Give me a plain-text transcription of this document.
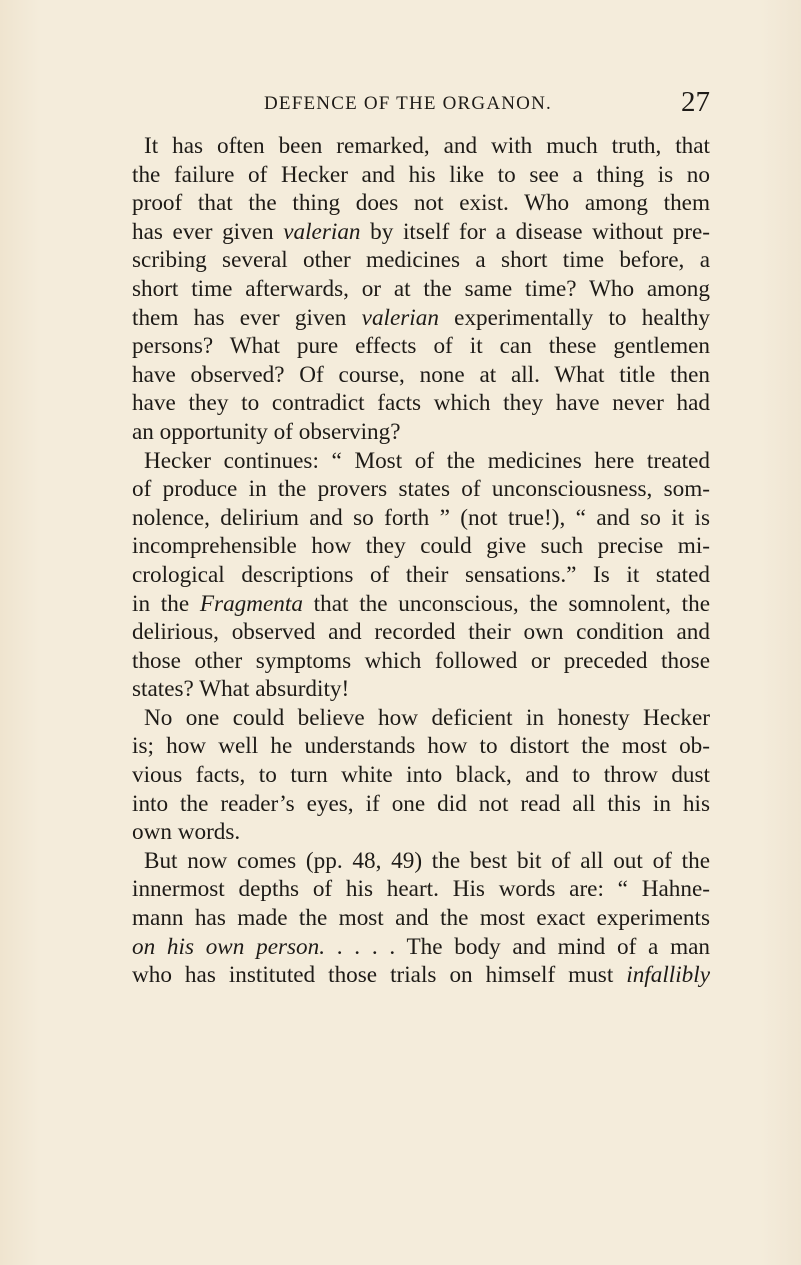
DEFENCE OF THE ORGANON.	27
It has often been remarked, and with much truth, that
the failure of Hecker and his like to see a thing is no
proof that the thing does not exist. Who among them
has ever given valerian by itself for a disease without pre-
scribing several other medicines a short time before, a
short time afterwards, or at the same time? Who among
them has ever given valerian experimentally to healthy
persons? What pure effects of it can these gentlemen
have observed? Of course, none at all. What title then
have they to contradict facts which they have never had
an opportunity of observing?
Hecker continues: “ Most of the medicines here treated
of produce in the provers states of unconsciousness, som-
nolence, delirium and so forth ” (not true!), “ and so it is
incomprehensible how they could give such precise mi-
crological descriptions of their sensations.” Is it stated
in the Fragmenta that the unconscious, the somnolent, the
delirious, observed and recorded their own condition and
those other symptoms which followed or preceded those
states? What absurdity!
No one could believe how deficient in honesty Hecker
is; how well he understands how to distort the most ob-
vious facts, to turn white into black, and to throw dust
into the reader’s eyes, if one did not read all this in his
own words.
But now comes (pp. 48, 49) the best bit of all out of the
innermost depths of his heart. His words are: “ Hahne-
mann has made the most and the most exact experiments
on his own person. . . . . The body and mind of a man
who has instituted those trials on himself must infallibly
